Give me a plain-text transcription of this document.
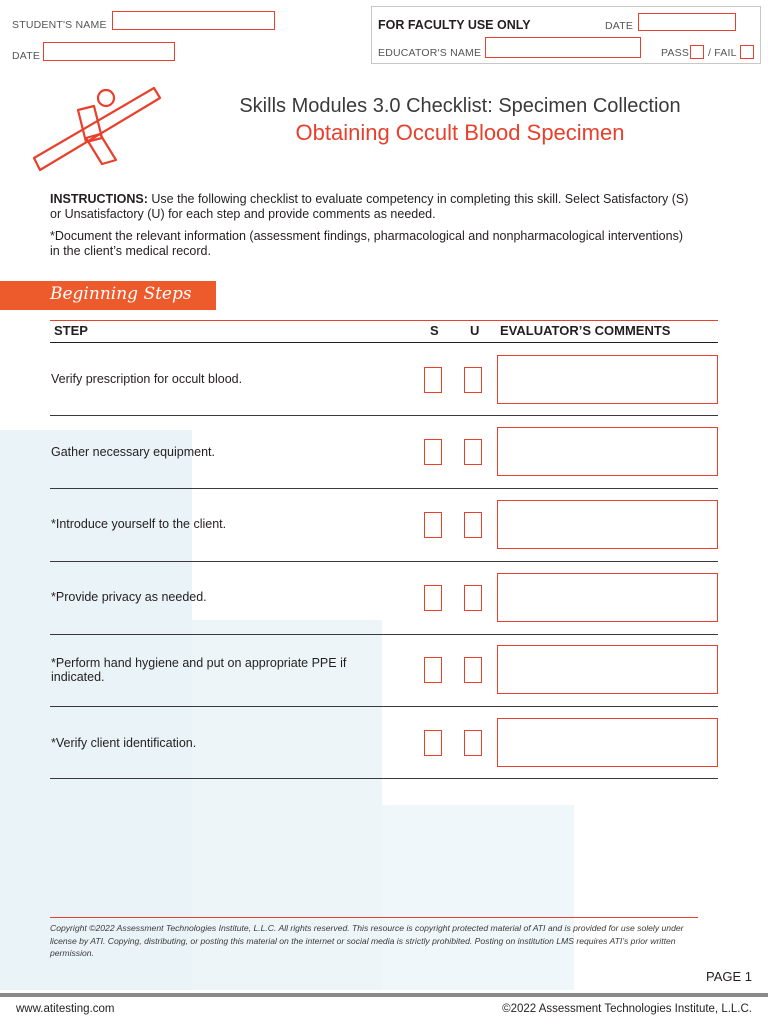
STUDENT'S NAME
DATE
FOR FACULTY USE ONLY	DATE
EDUCATOR'S NAME	PASS / FAIL
Skills Modules 3.0 Checklist: Specimen Collection
Obtaining Occult Blood Specimen

INSTRUCTIONS: Use the following checklist to evaluate competency in completing this skill. Select Satisfactory (S) or Unsatisfactory (U) for each step and provide comments as needed.

*Document the relevant information (assessment findings, pharmacological and nonpharmacological interventions) in the client’s medical record.

Beginning Steps
STEP	S U EVALUATOR’S COMMENTS
Verify prescription for occult blood.
Gather necessary equipment.
*Introduce yourself to the client.
*Provide privacy as needed.
*Perform hand hygiene and put on appropriate PPE if indicated.
*Verify client identification.

Copyright ©2022 Assessment Technologies Institute, L.L.C. All rights reserved. This resource is copyright protected material of ATI and is provided for use solely under license by ATI. Copying, distributing, or posting this material on the internet or social media is strictly prohibited. Posting on institution LMS requires ATI’s prior written permission.

PAGE 1
www.atitesting.com	©2022 Assessment Technologies Institute, L.L.C.
